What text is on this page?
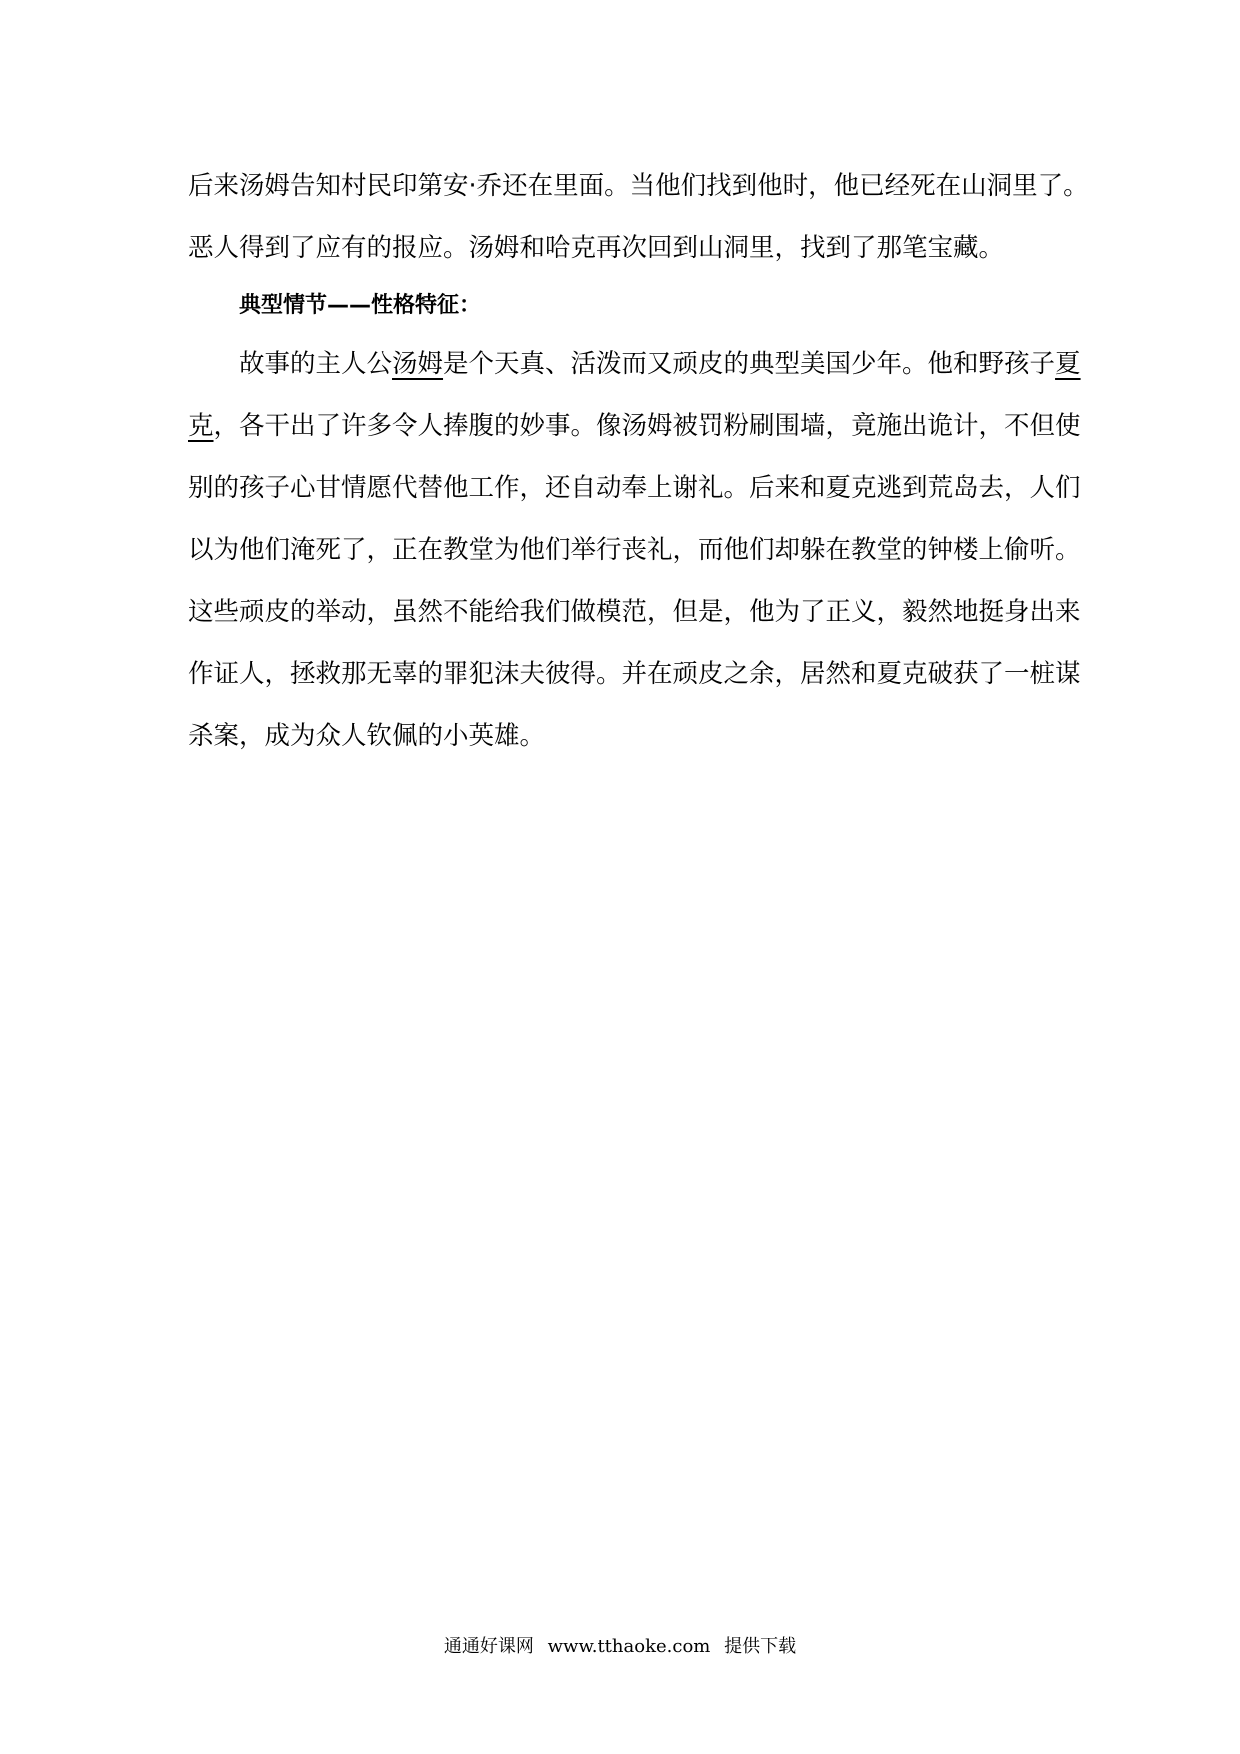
后来汤姆告知村民印第安·乔还在里面。当他们找到他时，他已经死在山洞里了。
恶人得到了应有的报应。汤姆和哈克再次回到山洞里，找到了那笔宝藏。
典型情节——性格特征：
故事的主人公汤姆是个天真、活泼而又顽皮的典型美国少年。他和野孩子夏
克，各干出了许多令人捧腹的妙事。像汤姆被罚粉刷围墙，竟施出诡计，不但使
别的孩子心甘情愿代替他工作，还自动奉上谢礼。后来和夏克逃到荒岛去，人们
以为他们淹死了，正在教堂为他们举行丧礼，而他们却躲在教堂的钟楼上偷听。
这些顽皮的举动，虽然不能给我们做模范，但是，他为了正义，毅然地挺身出来
作证人，拯救那无辜的罪犯沫夫彼得。并在顽皮之余，居然和夏克破获了一桩谋
杀案，成为众人钦佩的小英雄。
通通好课网 www.tthaoke.com 提供下载
